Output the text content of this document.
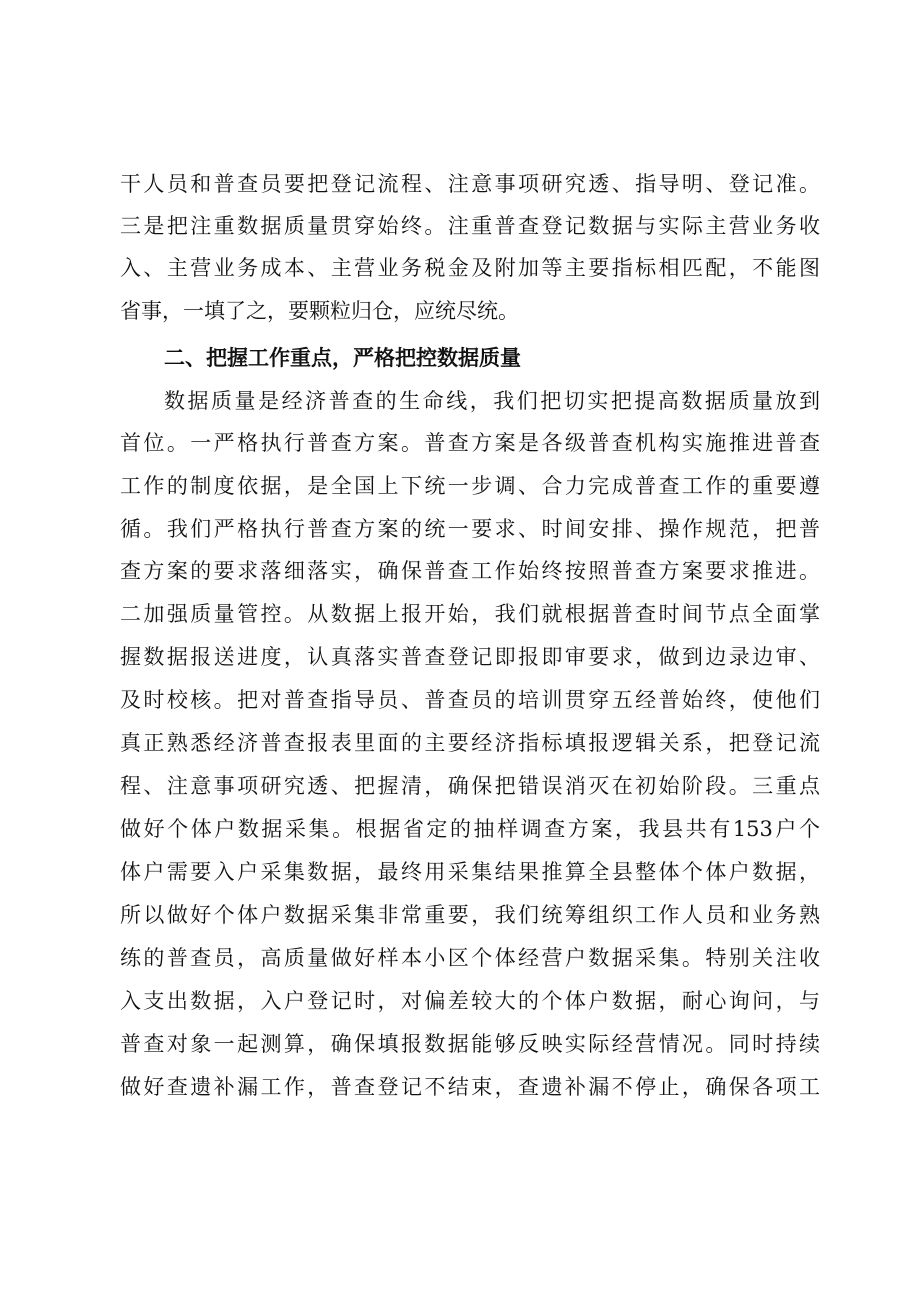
干人员和普查员要把登记流程、注意事项研究透、指导明、登记准。
三是把注重数据质量贯穿始终。注重普查登记数据与实际主营业务收
入、主营业务成本、主营业务税金及附加等主要指标相匹配，不能图
省事，一填了之，要颗粒归仓，应统尽统。
二、把握工作重点，严格把控数据质量
数据质量是经济普查的生命线，我们把切实把提高数据质量放到
首位。一严格执行普查方案。普查方案是各级普查机构实施推进普查
工作的制度依据，是全国上下统一步调、合力完成普查工作的重要遵
循。我们严格执行普查方案的统一要求、时间安排、操作规范，把普
查方案的要求落细落实，确保普查工作始终按照普查方案要求推进。
二加强质量管控。从数据上报开始，我们就根据普查时间节点全面掌
握数据报送进度，认真落实普查登记即报即审要求，做到边录边审、
及时校核。把对普查指导员、普查员的培训贯穿五经普始终，使他们
真正熟悉经济普查报表里面的主要经济指标填报逻辑关系，把登记流
程、注意事项研究透、把握清，确保把错误消灭在初始阶段。三重点
做好个体户数据采集。根据省定的抽样调查方案，我县共有153户个
体户需要入户采集数据，最终用采集结果推算全县整体个体户数据，
所以做好个体户数据采集非常重要，我们统筹组织工作人员和业务熟
练的普查员，高质量做好样本小区个体经营户数据采集。特别关注收
入支出数据，入户登记时，对偏差较大的个体户数据，耐心询问，与
普查对象一起测算，确保填报数据能够反映实际经营情况。同时持续
做好查遗补漏工作，普查登记不结束，查遗补漏不停止，确保各项工
